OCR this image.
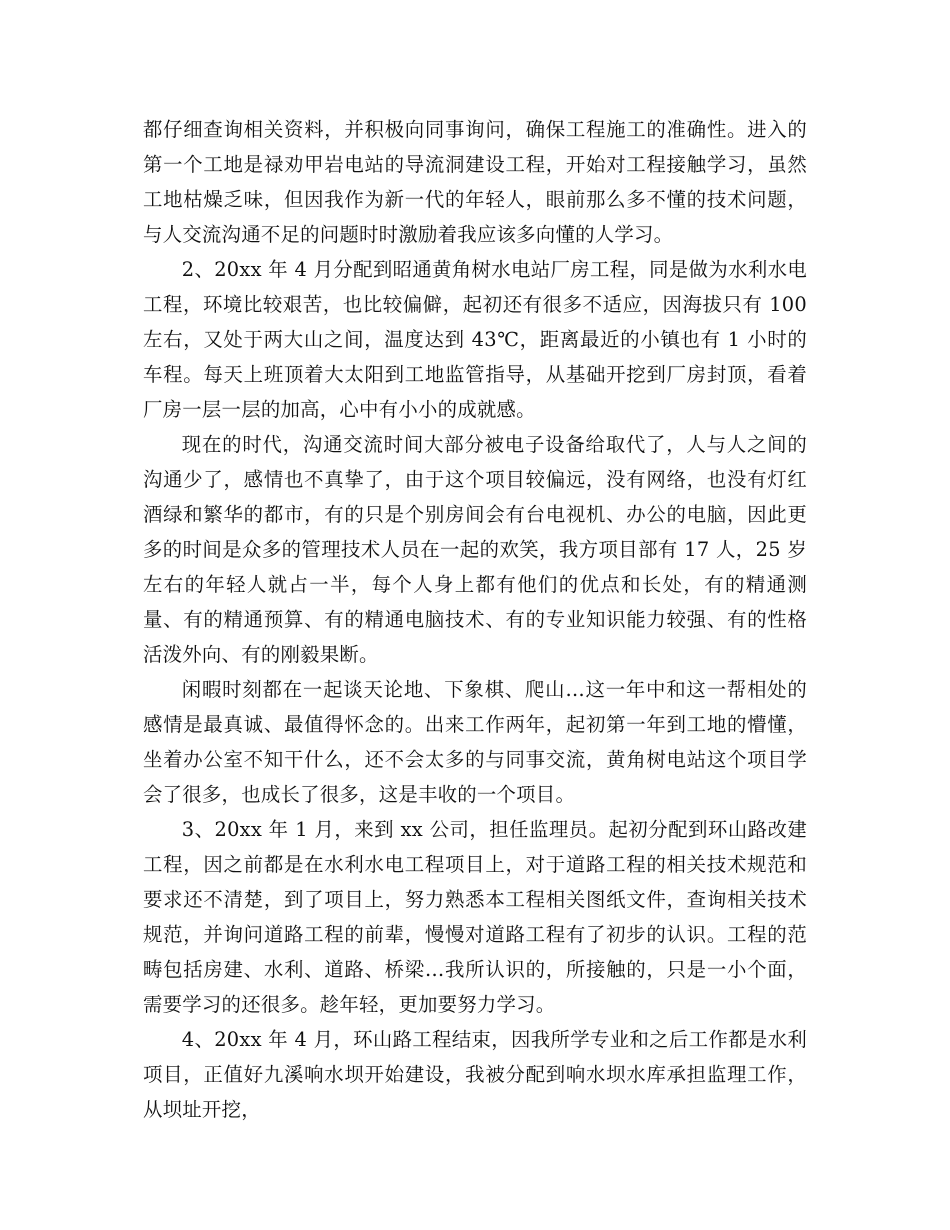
都仔细查询相关资料，并积极向同事询问，确保工程施工的准确性。进入的第一个工地是禄劝甲岩电站的导流洞建设工程，开始对工程接触学习，虽然工地枯燥乏味，但因我作为新一代的年轻人，眼前那么多不懂的技术问题，与人交流沟通不足的问题时时激励着我应该多向懂的人学习。

2、20xx 年 4 月分配到昭通黄角树水电站厂房工程，同是做为水利水电工程，环境比较艰苦，也比较偏僻，起初还有很多不适应，因海拔只有 100 左右，又处于两大山之间，温度达到 43℃，距离最近的小镇也有 1 小时的车程。每天上班顶着大太阳到工地监管指导，从基础开挖到厂房封顶，看着厂房一层一层的加高，心中有小小的成就感。

现在的时代，沟通交流时间大部分被电子设备给取代了，人与人之间的沟通少了，感情也不真挚了，由于这个项目较偏远，没有网络，也没有灯红酒绿和繁华的都市，有的只是个别房间会有台电视机、办公的电脑，因此更多的时间是众多的管理技术人员在一起的欢笑，我方项目部有 17 人，25 岁左右的年轻人就占一半，每个人身上都有他们的优点和长处，有的精通测量、有的精通预算、有的精通电脑技术、有的专业知识能力较强、有的性格活泼外向、有的刚毅果断。

闲暇时刻都在一起谈天论地、下象棋、爬山…这一年中和这一帮相处的感情是最真诚、最值得怀念的。出来工作两年，起初第一年到工地的懵懂，坐着办公室不知干什么，还不会太多的与同事交流，黄角树电站这个项目学会了很多，也成长了很多，这是丰收的一个项目。

3、20xx 年 1 月，来到 xx 公司，担任监理员。起初分配到环山路改建工程，因之前都是在水利水电工程项目上，对于道路工程的相关技术规范和要求还不清楚，到了项目上，努力熟悉本工程相关图纸文件，查询相关技术规范，并询问道路工程的前辈，慢慢对道路工程有了初步的认识。工程的范畴包括房建、水利、道路、桥梁…我所认识的，所接触的，只是一小个面，需要学习的还很多。趁年轻，更加要努力学习。

4、20xx 年 4 月，环山路工程结束，因我所学专业和之后工作都是水利项目，正值好九溪响水坝开始建设，我被分配到响水坝水库承担监理工作，从坝址开挖，
